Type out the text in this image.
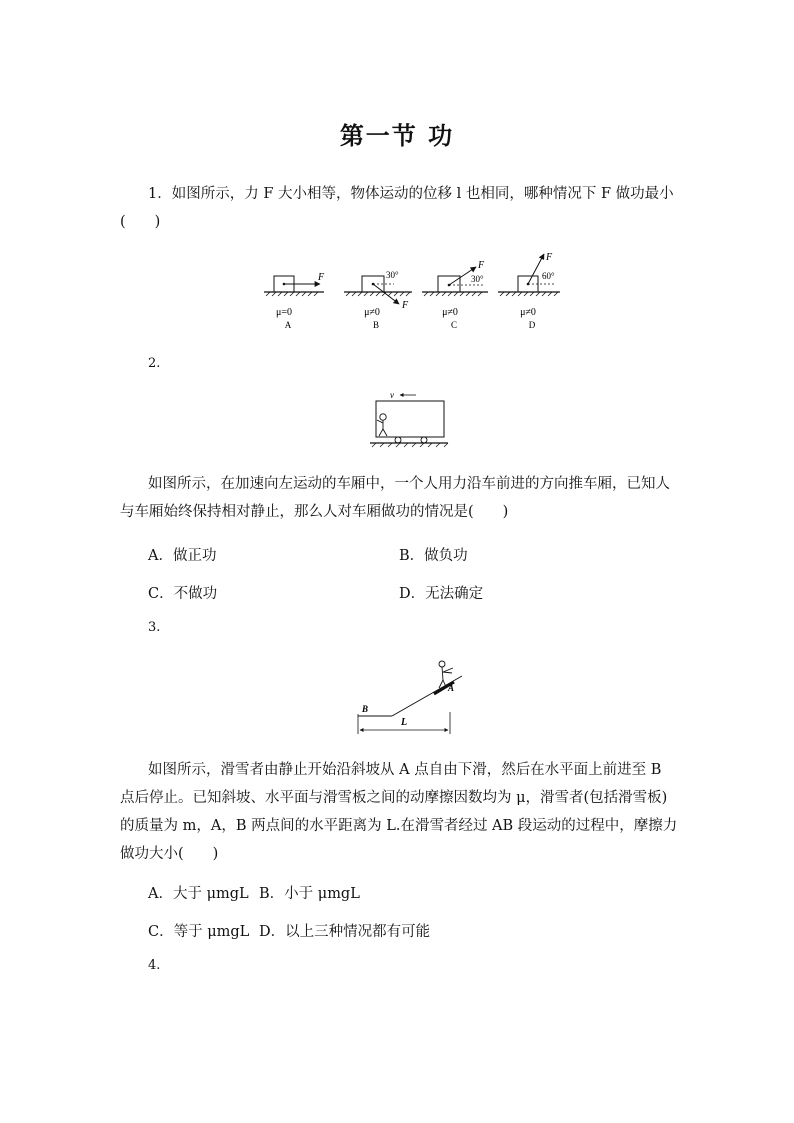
第一节 功
1．如图所示，力 F 大小相等，物体运动的位移 l 也相同，哪种情况下 F 做功最小(　　)
F
μ=0
A
30°
F
μ≠0
B
30°
F
μ≠0
C
60°
F
μ≠0
D
2.
v
如图所示，在加速向左运动的车厢中，一个人用力沿车前进的方向推车厢，已知人与车厢始终保持相对静止，那么人对车厢做功的情况是(　　)
A．做正功	B．做负功
C．不做功	D．无法确定
3.
A
B
L
如图所示，滑雪者由静止开始沿斜坡从 A 点自由下滑，然后在水平面上前进至 B 点后停止。已知斜坡、水平面与滑雪板之间的动摩擦因数均为 μ，滑雪者(包括滑雪板)的质量为 m，A，B 两点间的水平距离为 L.在滑雪者经过 AB 段运动的过程中，摩擦力做功大小(　　)
A．大于 μmgL B．小于 μmgL
C．等于 μmgL D．以上三种情况都有可能
4.
